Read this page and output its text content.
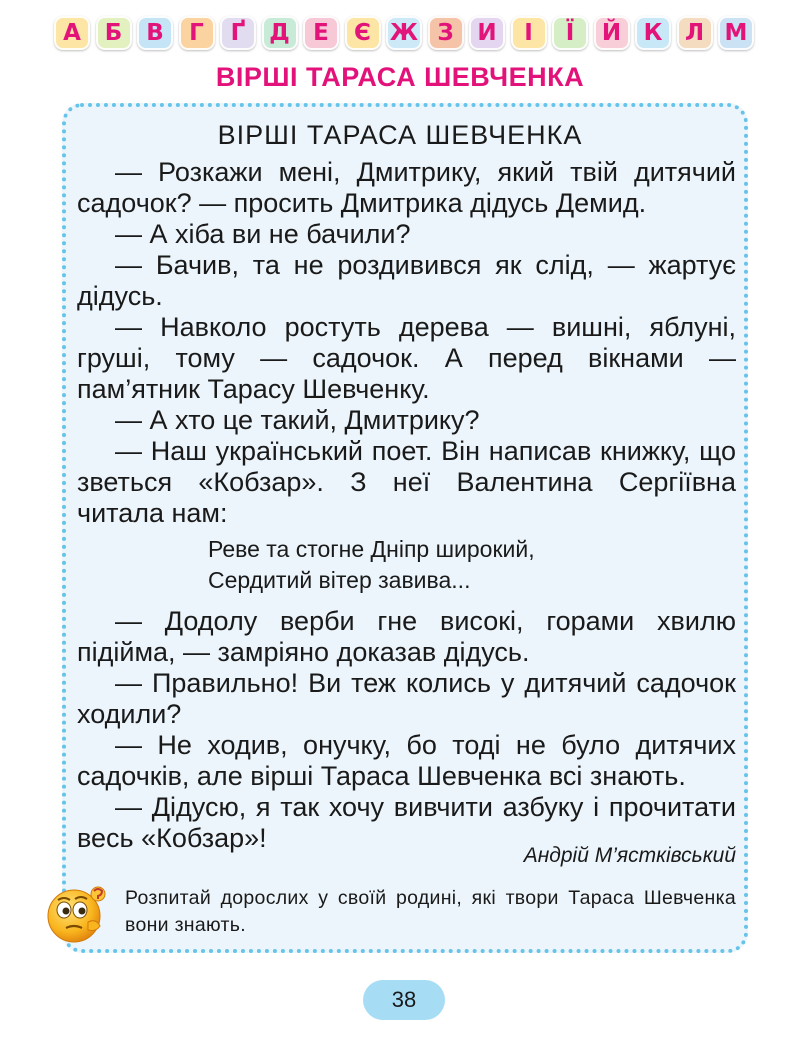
А	Б	В	Г	Ґ	Д	Е	Є Ж З	И	І	Ї	Й К Л М
ВІРШІ ТАРАСА ШЕВЧЕНКА
ВІРШІ ТАРАСА ШЕВЧЕНКА

— Розкажи мені, Дмитрику, який твій дитячий садочок? — просить Дмитрика дідусь Демид.

— А хіба ви не бачили?

— Бачив, та не роздивився як слід, — жартує дідусь.

— Навколо ростуть дерева — вишні, яблуні, груші, тому — садочок. А перед вікнами — пам’ятник Тарасу Шевченку.

— А хто це такий, Дмитрику?

— Наш український поет. Він написав книжку, що зветься «Кобзар». З неї Валентина Сергіївна читала нам:

Реве та стогне Дніпр широкий,
Сердитий вітер завива...

— Додолу верби гне високі, горами хвилю підійма, — замріяно доказав дідусь.

— Правильно! Ви теж колись у дитячий садочок ходили?

— Не ходив, онучку, бо тоді не було дитячих садочків, але вірші Тараса Шевченка всі знають.

— Дідусю, я так хочу вивчити азбуку і прочитати весь «Кобзар»!

Андрій М’ястківський
Розпитай дорослих у своїй родині, які твори Тараса Шевченка вони знають.
38
